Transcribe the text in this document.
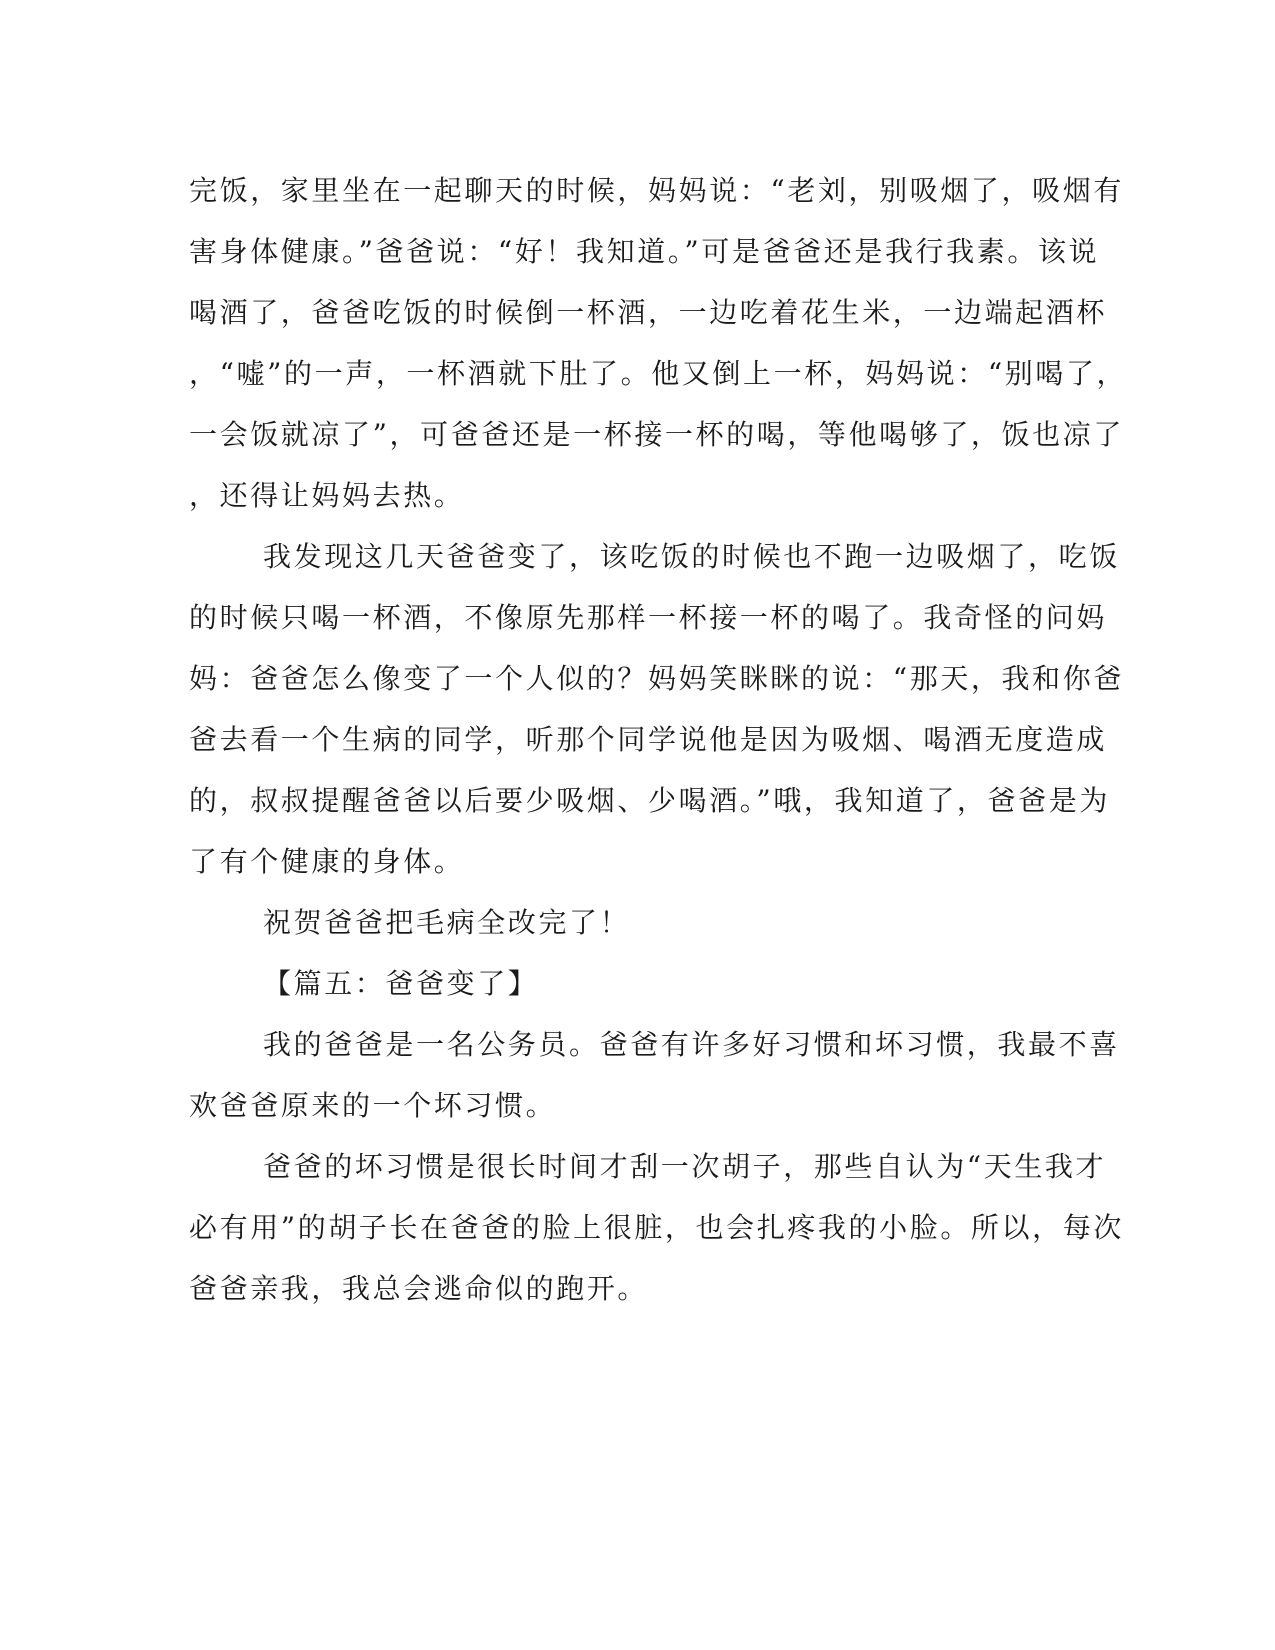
完饭，家里坐在一起聊天的时候，妈妈说：“老刘，别吸烟了，吸烟有
害身体健康。”爸爸说：“好！我知道。”可是爸爸还是我行我素。该说
喝酒了，爸爸吃饭的时候倒一杯酒，一边吃着花生米，一边端起酒杯
，“嘘”的一声，一杯酒就下肚了。他又倒上一杯，妈妈说：“别喝了，
一会饭就凉了”，可爸爸还是一杯接一杯的喝，等他喝够了，饭也凉了
，还得让妈妈去热。
我发现这几天爸爸变了，该吃饭的时候也不跑一边吸烟了，吃饭
的时候只喝一杯酒，不像原先那样一杯接一杯的喝了。我奇怪的问妈
妈：爸爸怎么像变了一个人似的？妈妈笑眯眯的说：“那天，我和你爸
爸去看一个生病的同学，听那个同学说他是因为吸烟、喝酒无度造成
的，叔叔提醒爸爸以后要少吸烟、少喝酒。”哦，我知道了，爸爸是为
了有个健康的身体。
祝贺爸爸把毛病全改完了！
【篇五：爸爸变了】
我的爸爸是一名公务员。爸爸有许多好习惯和坏习惯，我最不喜
欢爸爸原来的一个坏习惯。
爸爸的坏习惯是很长时间才刮一次胡子，那些自认为“天生我才
必有用”的胡子长在爸爸的脸上很脏，也会扎疼我的小脸。所以，每次
爸爸亲我，我总会逃命似的跑开。
